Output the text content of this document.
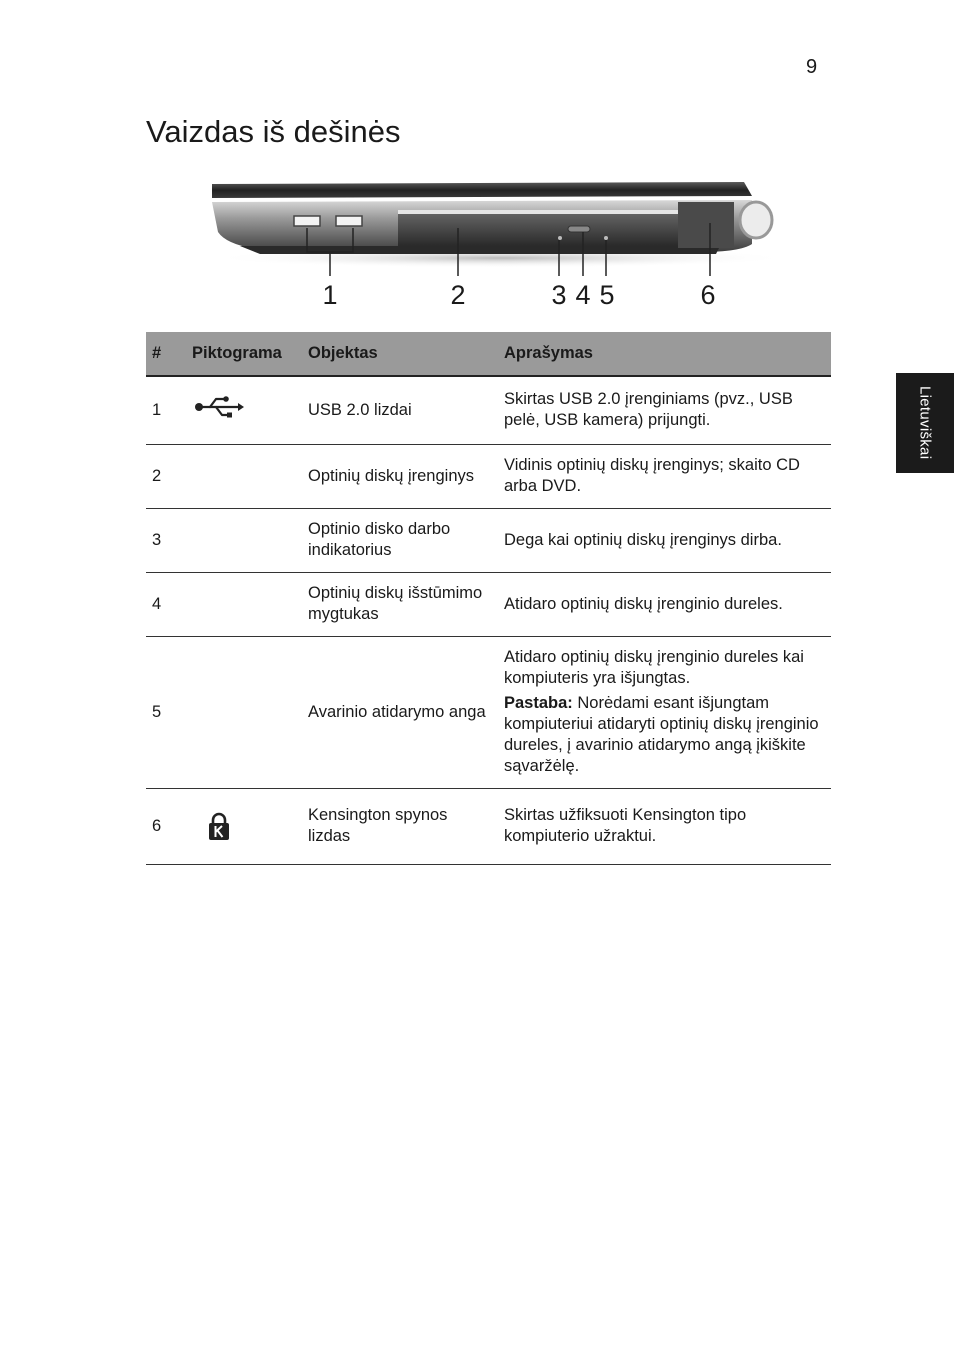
9
Vaizdas iš dešinės
Lietuviškai
1	2	3 4 5	6
#	Piktograma	Objektas	Aprašymas
1		USB 2.0 lizdai	Skirtas USB 2.0 įrenginiams (pvz., USB pelė, USB kamera) prijungti.
2		Optinių diskų įrenginys	Vidinis optinių diskų įrenginys; skaito CD arba DVD.
3		Optinio disko darbo indikatorius	Dega kai optinių diskų įrenginys dirba.
4		Optinių diskų išstūmimo mygtukas	Atidaro optinių diskų įrenginio dureles.
5		Avarinio atidarymo anga	Atidaro optinių diskų įrenginio dureles kai kompiuteris yra išjungtas.

Pastaba: Norėdami esant išjungtam kompiuteriui atidaryti optinių diskų įrenginio dureles, į avarinio atidarymo angą įkiškite sąvaržėlę.

6		Kensington spynos lizdas	Skirtas užfiksuoti Kensington tipo kompiuterio užraktui.
